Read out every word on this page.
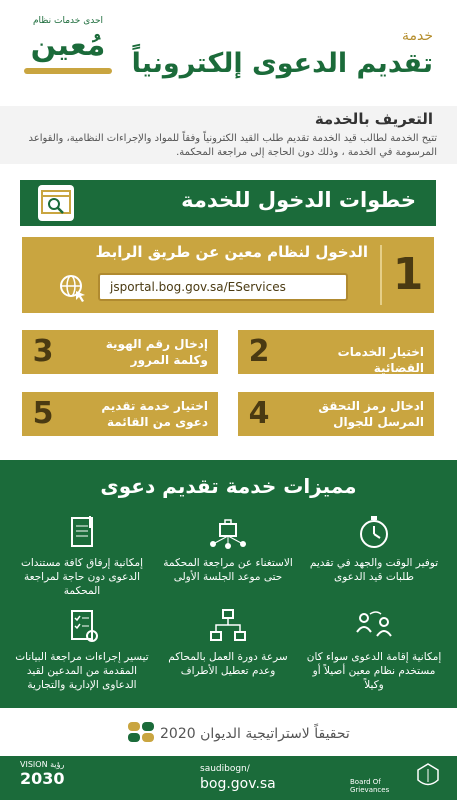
خدمة
تقديم الدعوى إلكترونياً
احدى خدمات نظام
مُعين
التعريف بالخدمة
تتيح الخدمة لطالب قيد الخدمة تقديم طلب القيد الكترونياً وفقاً للمواد والإجراءات النظامية، والقواعد المرسومة في الخدمة ، وذلك دون الحاجة إلى مراجعة المحكمة.
خطوات الدخول للخدمة
1
الدخول لنظام معين عن طريق الرابط
jsportal.bog.gov.sa/EServices
2	اختيار الخدمات القضائية
3	إدخال رقم الهوية وكلمة المرور
4	ادخال رمز التحقق المرسل للجوال
5	اختيار خدمة تقديم دعوى من القائمة
مميزات خدمة تقديم دعوى
توفير الوقت والجهد في تقديم طلبات قيد الدعوى
الاستغناء عن مراجعة المحكمة حتى موعد الجلسة الأولى
إمكانية إرفاق كافة مستندات الدعوى دون حاجة لمراجعة المحكمة
إمكانية إقامة الدعوى سواء كان مستخدم نظام معين أصيلاً أو وكيلاً
سرعة دورة العمل بالمحاكم وعدم تعطيل الأطراف
تيسير إجراءات مراجعة البيانات المقدمة من المدعين لقيد الدعاوى الإدارية والتجارية
تحقيقاً لاستراتيجية الديوان 2020
VISION رؤية
2030	saudibogn/
bog.gov.sa	Board Of Grievances
